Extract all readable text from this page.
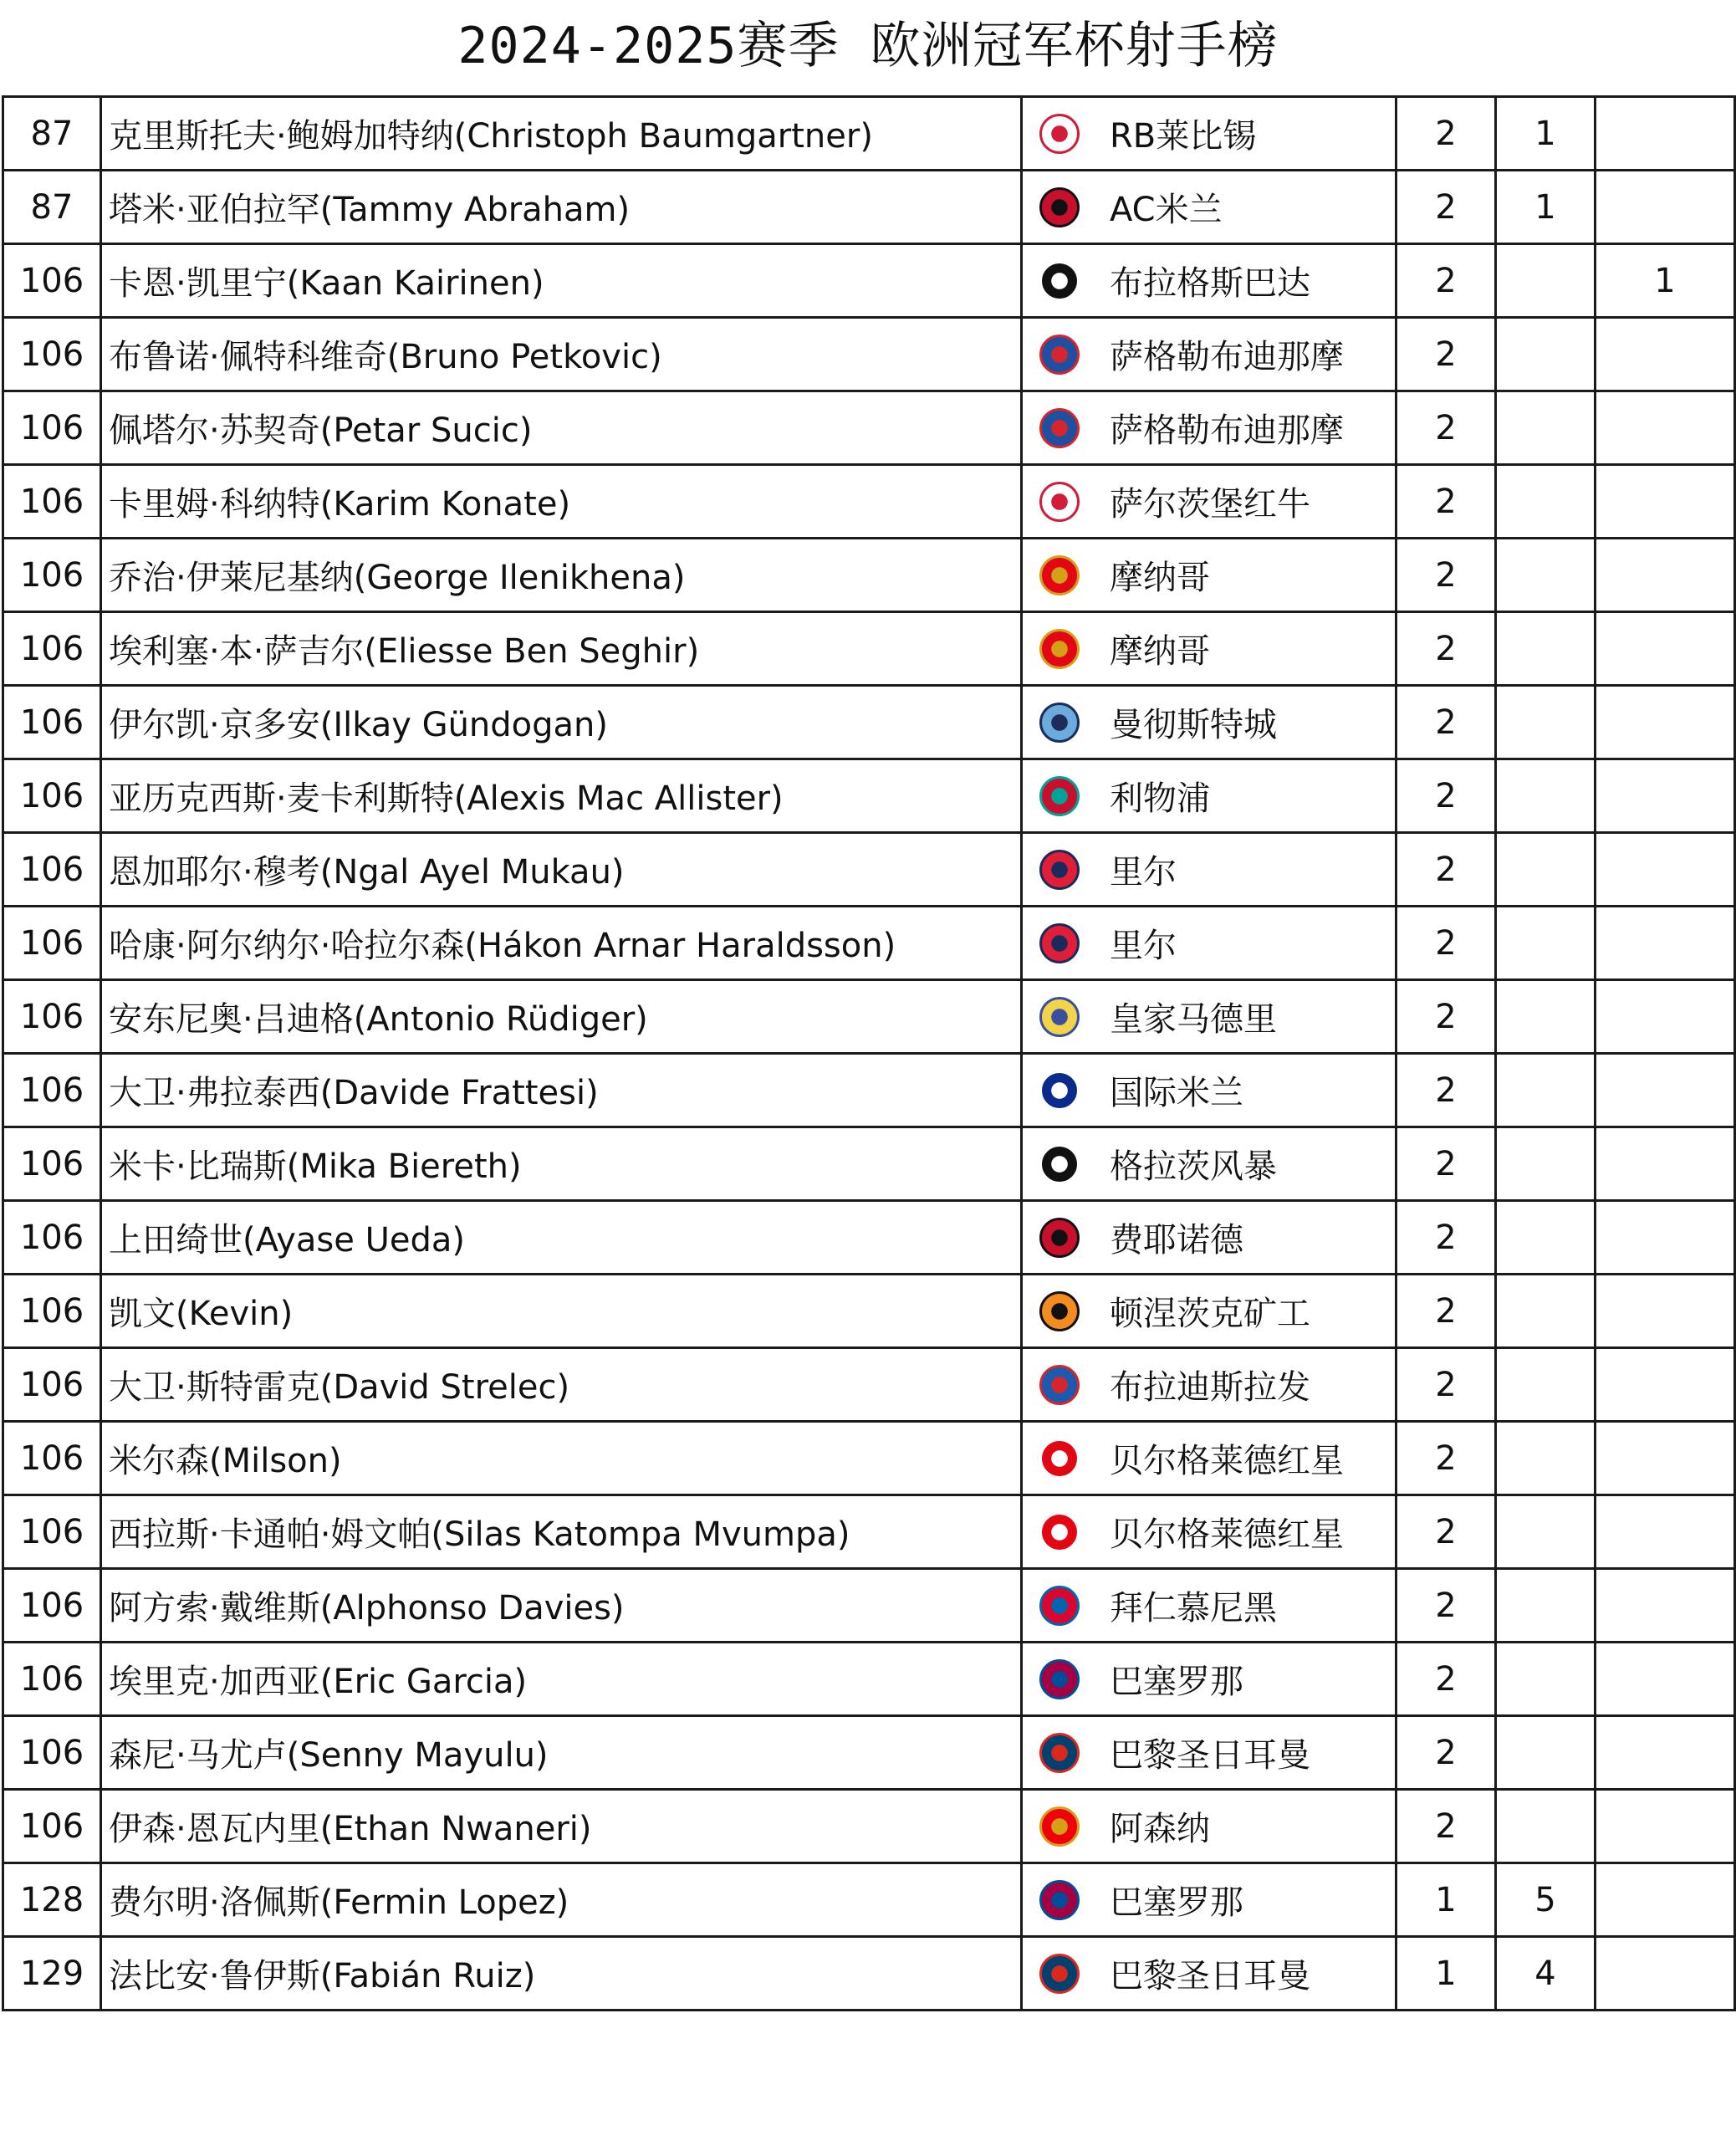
2024-2025赛季 欧洲冠军杯射手榜
87	克里斯托夫·鲍姆加特纳(Christoph Baumgartner)	RB莱比锡	2	1	
87	塔米·亚伯拉罕(Tammy Abraham)	AC米兰	2	1	
106	卡恩·凯里宁(Kaan Kairinen)	布拉格斯巴达	2		1
106	布鲁诺·佩特科维奇(Bruno Petkovic)	萨格勒布迪那摩	2		
106	佩塔尔·苏契奇(Petar Sucic)	萨格勒布迪那摩	2		
106	卡里姆·科纳特(Karim Konate)	萨尔茨堡红牛	2		
106	乔治·伊莱尼基纳(George Ilenikhena)	摩纳哥	2		
106	埃利塞·本·萨吉尔(Eliesse Ben Seghir)	摩纳哥	2		
106	伊尔凯·京多安(Ilkay Gündogan)	曼彻斯特城	2		
106	亚历克西斯·麦卡利斯特(Alexis Mac Allister)	利物浦	2		
106	恩加耶尔·穆考(Ngal Ayel Mukau)	里尔	2		
106	哈康·阿尔纳尔·哈拉尔森(Hákon Arnar Haraldsson)	里尔	2		
106	安东尼奥·吕迪格(Antonio Rüdiger)	皇家马德里	2		
106	大卫·弗拉泰西(Davide Frattesi)	国际米兰	2		
106	米卡·比瑞斯(Mika Biereth)	格拉茨风暴	2		
106	上田绮世(Ayase Ueda)	费耶诺德	2		
106	凯文(Kevin)	顿涅茨克矿工	2		
106	大卫·斯特雷克(David Strelec)	布拉迪斯拉发	2		
106	米尔森(Milson)	贝尔格莱德红星	2		
106	西拉斯·卡通帕·姆文帕(Silas Katompa Mvumpa)	贝尔格莱德红星	2		
106	阿方索·戴维斯(Alphonso Davies)	拜仁慕尼黑	2		
106	埃里克·加西亚(Eric Garcia)	巴塞罗那	2		
106	森尼·马尤卢(Senny Mayulu)	巴黎圣日耳曼	2		
106	伊森·恩瓦内里(Ethan Nwaneri)	阿森纳	2		
128	费尔明·洛佩斯(Fermin Lopez)	巴塞罗那	1	5	
129	法比安·鲁伊斯(Fabián Ruiz)	巴黎圣日耳曼	1	4	
